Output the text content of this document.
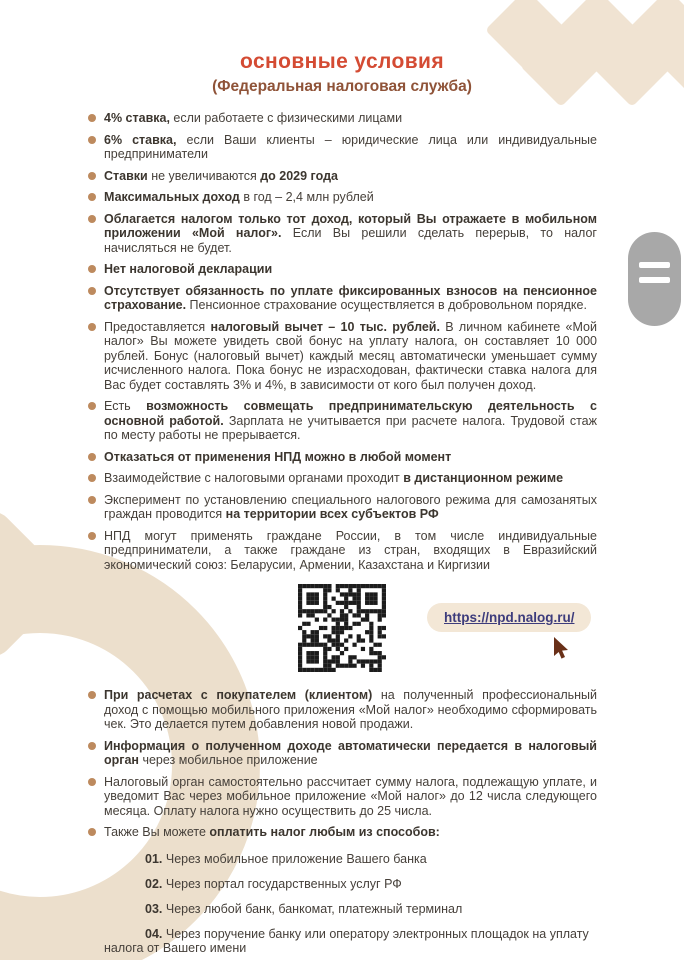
основные условия
(Федеральная налоговая служба)
4% ставка, если работаете с физическими лицами
6% ставка, если Ваши клиенты – юридические лица или индивидуальные предприниматели
Ставки не увеличиваются до 2029 года
Максимальных доход в год – 2,4 млн рублей
Облагается налогом только тот доход, который Вы отражаете в мобильном приложении «Мой налог». Если Вы решили сделать перерыв, то налог начисляться не будет.
Нет налоговой декларации
Отсутствует обязанность по уплате фиксированных взносов на пенсионное страхование. Пенсионное страхование осуществляется в добровольном порядке.
Предоставляется налоговый вычет – 10 тыс. рублей. В личном кабинете «Мой налог» Вы можете увидеть свой бонус на уплату налога, он составляет 10 000 рублей. Бонус (налоговый вычет) каждый месяц автоматически уменьшает сумму исчисленного налога. Пока бонус не израсходован, фактически ставка налога для Вас будет составлять 3% и 4%, в зависимости от кого был получен доход.
Есть возможность совмещать предпринимательскую деятельность с основной работой. Зарплата не учитывается при расчете налога. Трудовой стаж по месту работы не прерывается.
Отказаться от применения НПД можно в любой момент
Взаимодействие с налоговыми органами проходит в дистанционном режиме
Эксперимент по установлению специального налогового режима для самозанятых граждан проводится на территории всех субъектов РФ
НПД могут применять граждане России, в том числе индивидуальные предприниматели, а также граждане из стран, входящих в Евразийский экономический союз: Беларусии, Армении, Казахстана и Киргизии
https://npd.nalog.ru/
При расчетах с покупателем (клиентом) на полученный профессиональный доход с помощью мобильного приложения «Мой налог» необходимо сформировать чек. Это делается путем добавления новой продажи.
Информация о полученном доходе автоматически передается в налоговый орган через мобильное приложение
Налоговый орган самостоятельно рассчитает сумму налога, подлежащую уплате, и уведомит Вас через мобильное приложение «Мой налог» до 12 числа следующего месяца. Оплату налога нужно осуществить до 25 числа.
Также Вы можете оплатить налог любым из способов:
01. Через мобильное приложение Вашего банка
02. Через портал государственных услуг РФ
03. Через любой банк, банкомат, платежный терминал
04. Через поручение банку или оператору электронных площадок на уплату налога от Вашего имени
